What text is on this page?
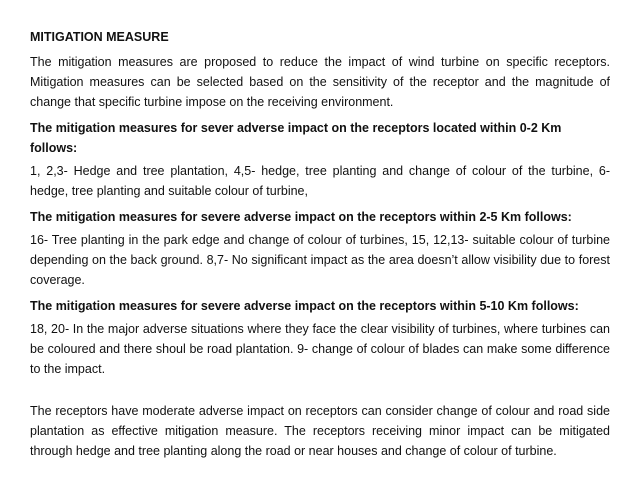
MITIGATION MEASURE

The mitigation measures are proposed to reduce the impact of wind turbine on specific receptors. Mitigation measures can be selected based on the sensitivity of the receptor and the magnitude of change that specific turbine impose on the receiving environment.

The mitigation measures for sever adverse impact on the receptors located within 0-2 Km follows:

1, 2,3- Hedge and tree plantation, 4,5- hedge, tree planting and change of colour of the turbine, 6- hedge, tree planting and suitable colour of turbine,

The mitigation measures for severe adverse impact on the receptors within 2-5 Km follows:

16- Tree planting in the park edge and change of colour of turbines, 15, 12,13- suitable colour of turbine depending on the back ground. 8,7- No significant impact as the area doesn’t allow visibility due to forest coverage.

The mitigation measures for severe adverse impact on the receptors within 5-10 Km follows:

18, 20- In the major adverse situations where they face the clear visibility of turbines, where turbines can be coloured and there shoul be road plantation. 9- change of colour of blades can make some difference to the impact.

The receptors have moderate adverse impact on receptors can consider change of colour and road side plantation as effective mitigation measure. The receptors receiving minor impact can be mitigated through hedge and tree planting along the road or near houses and change of colour of turbine.
